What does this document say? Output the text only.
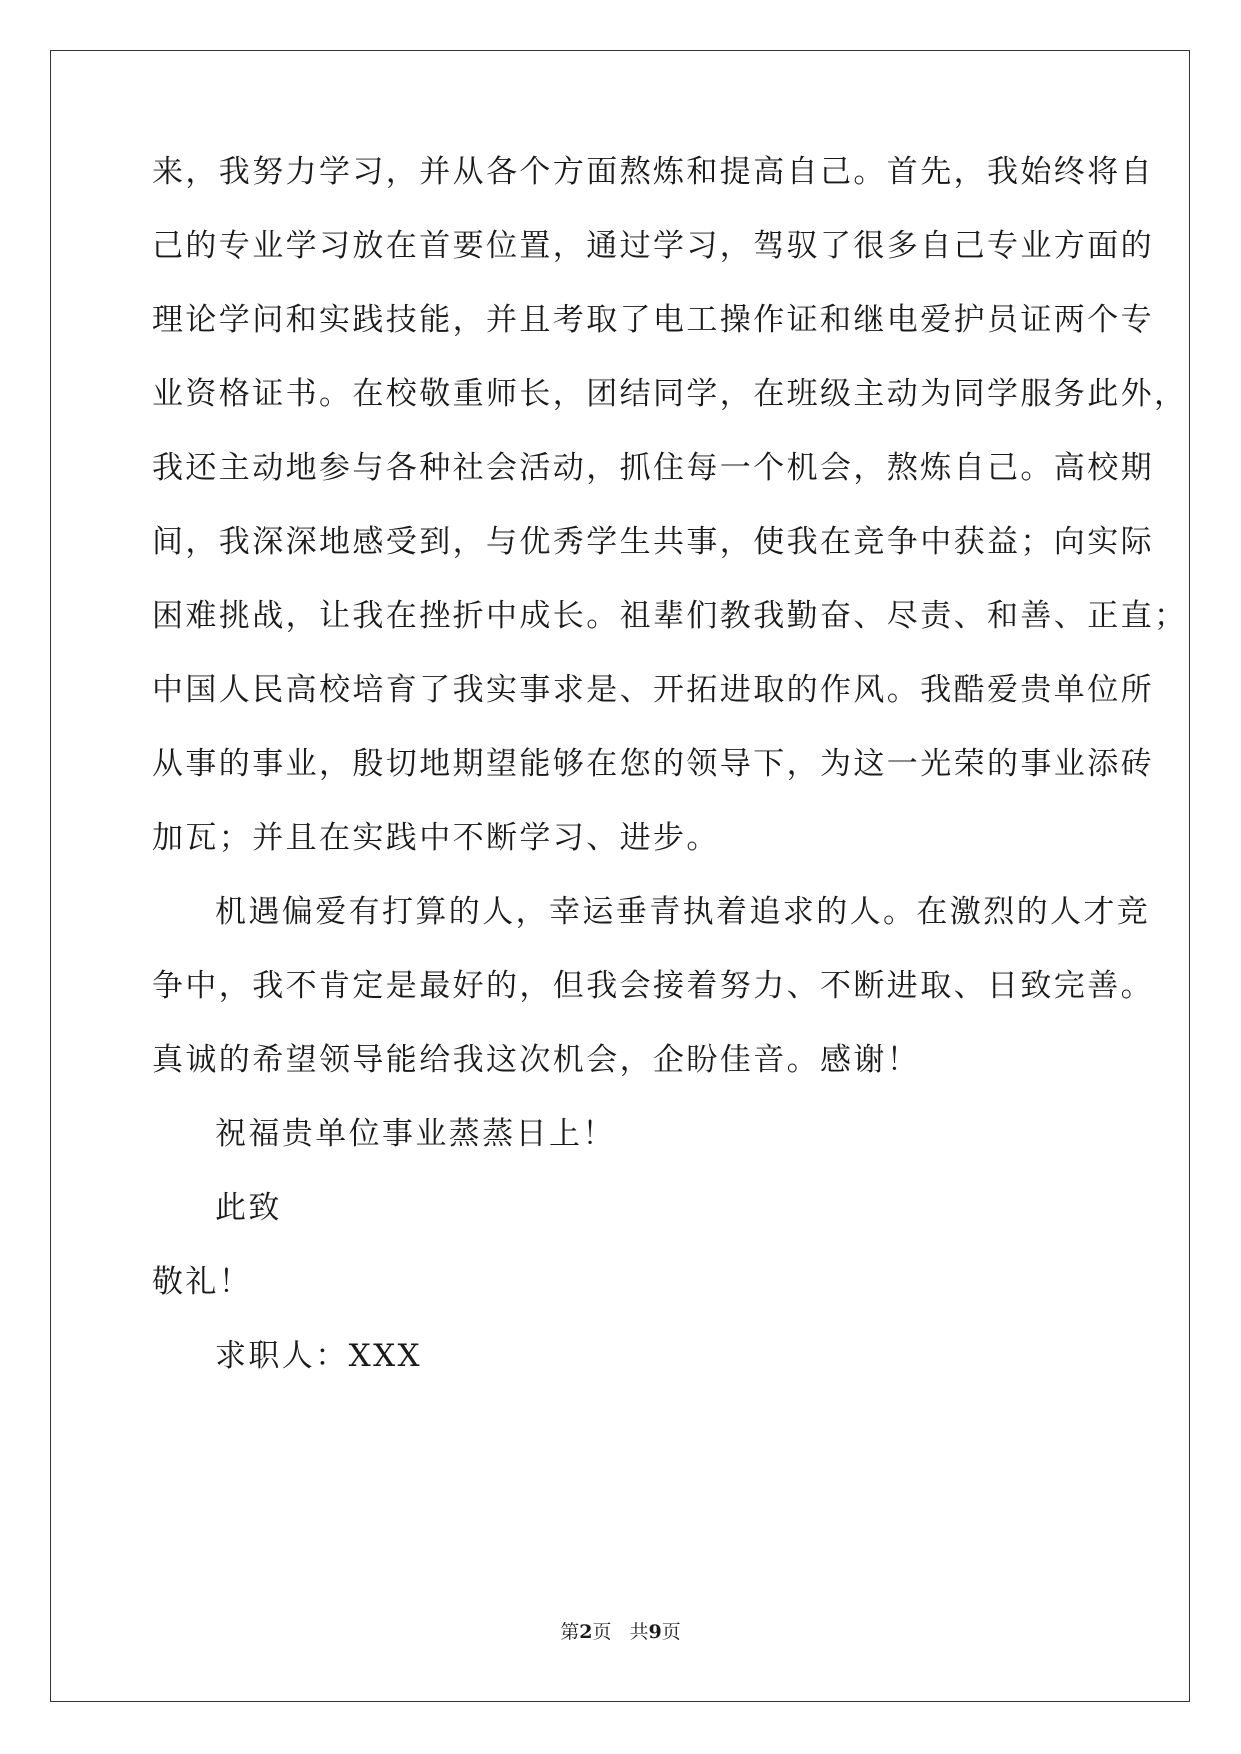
来，我努力学习，并从各个方面熬炼和提高自己。首先，我始终将自
己的专业学习放在首要位置，通过学习，驾驭了很多自己专业方面的
理论学问和实践技能，并且考取了电工操作证和继电爱护员证两个专
业资格证书。在校敬重师长，团结同学，在班级主动为同学服务此外，
我还主动地参与各种社会活动，抓住每一个机会，熬炼自己。高校期
间，我深深地感受到，与优秀学生共事，使我在竞争中获益；向实际
困难挑战，让我在挫折中成长。祖辈们教我勤奋、尽责、和善、正直；
中国人民高校培育了我实事求是、开拓进取的作风。我酷爱贵单位所
从事的事业，殷切地期望能够在您的领导下，为这一光荣的事业添砖
加瓦；并且在实践中不断学习、进步。
机遇偏爱有打算的人，幸运垂青执着追求的人。在激烈的人才竞
争中，我不肯定是最好的，但我会接着努力、不断进取、日致完善。
真诚的希望领导能给我这次机会，企盼佳音。感谢！
祝福贵单位事业蒸蒸日上！
此致
敬礼！
求职人：XXX
第2页 共9页
